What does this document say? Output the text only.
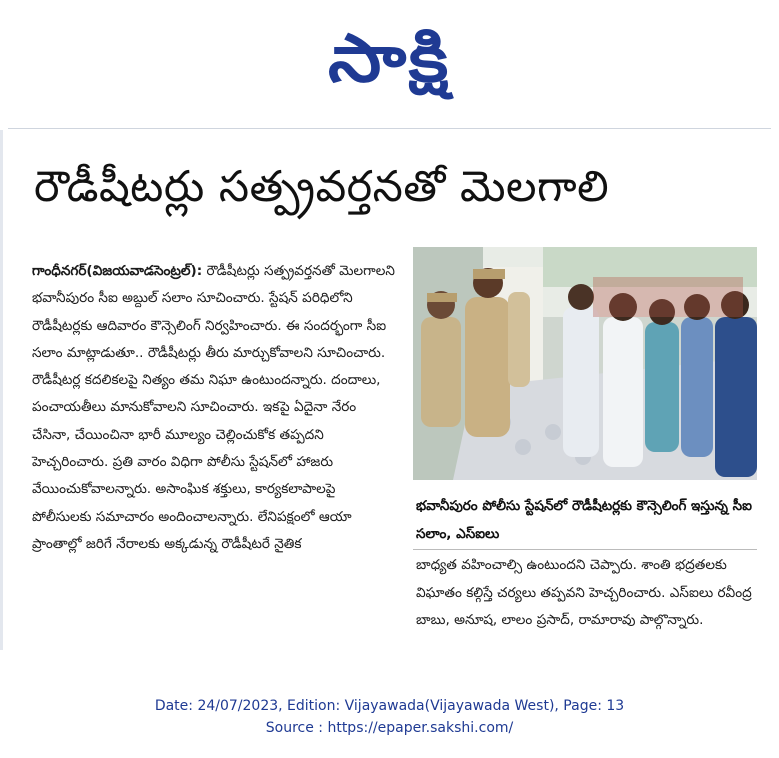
సాక్షి
రౌడీషీటర్లు సత్ప్రవర్తనతో మెలగాలి

గాంధీనగర్(విజయవాడసెంట్రల్): రౌడీషీటర్లు సత్ప్రవర్తనతో మెలగాలని భవానీపురం సీఐ అబ్దుల్ సలాం సూచించారు. స్టేషన్ పరిధిలోని రౌడీషీటర్లకు ఆదివారం కౌన్సెలింగ్ నిర్వహించారు. ఈ సందర్భంగా సీఐ సలాం మాట్లాడుతూ.. రౌడీషీటర్లు తీరు మార్చుకోవాలని సూచించారు. రౌడీషీటర్ల కదలికలపై నిత్యం తమ నిఘా ఉంటుందన్నారు. దందాలు, పంచాయతీలు మానుకోవాలని సూచించారు. ఇకపై ఏదైనా నేరం చేసినా, చేయించినా భారీ మూల్యం చెల్లించుకోక తప్పదని హెచ్చరించారు. ప్రతి వారం విధిగా పోలీసు స్టేషన్‌లో హాజరు వేయించుకోవాలన్నారు. అసాంఘిక శక్తులు, కార్యకలాపాలపై పోలీసులకు సమాచారం అందించాలన్నారు. లేనిపక్షంలో ఆయా ప్రాంతాల్లో జరిగే నేరాలకు అక్కడున్న రౌడీషీటరే నైతిక

భవానీపురం పోలీసు స్టేషన్‌లో రౌడీషీటర్లకు కౌన్సెలింగ్ ఇస్తున్న సీఐ సలాం, ఎస్‌ఐలు
బాధ్యత వహించాల్సి ఉంటుందని చెప్పారు. శాంతి భద్రతలకు విఘాతం కల్గిస్తే చర్యలు తప్పవని హెచ్చరించారు. ఎస్‌ఐలు రవీంద్ర బాబు, అనూష, లాలం ప్రసాద్, రామారావు పాల్గొన్నారు.
Date: 24/07/2023, Edition: Vijayawada(Vijayawada West), Page: 13
Source : https://epaper.sakshi.com/
